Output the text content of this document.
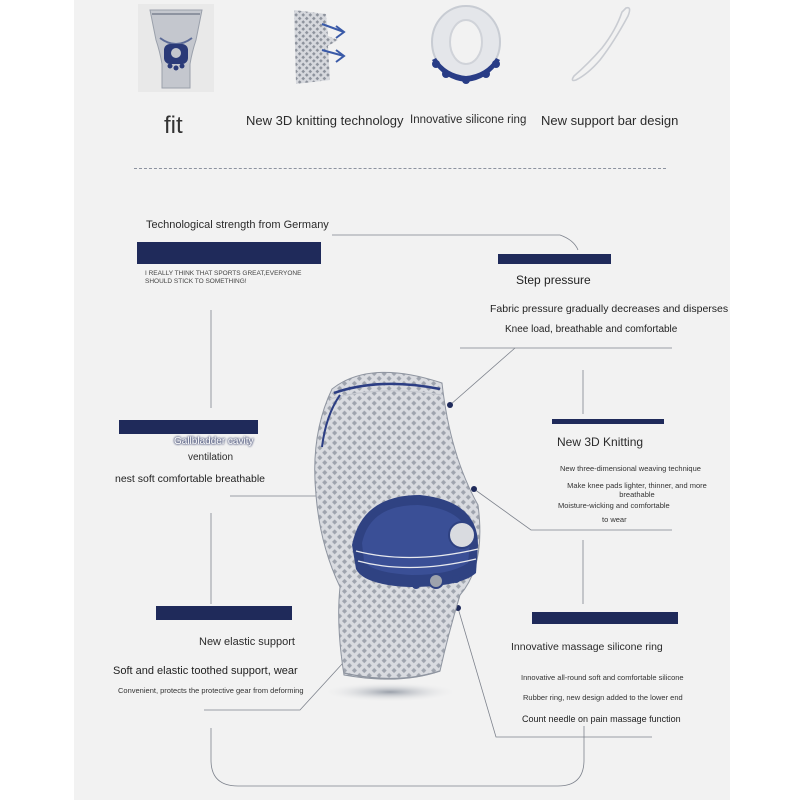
fit	New 3D knitting technology Innovative silicone ring New support bar design
Technological strength from Germany
I REALLY THINK THAT SPORTS GREAT,EVERYONE SHOULD STICK TO SOMETHING!
Gallbladder cavity
ventilation
nest soft comfortable breathable
New elastic support
Soft and elastic toothed support, wear
Convenient, protects the protective gear from deforming
Step pressure
Fabric pressure gradually decreases and disperses
Knee load, breathable and comfortable
New 3D Knitting
New three-dimensional weaving technique
Make knee pads lighter, thinner, and more breathable
Moisture-wicking and comfortable
to wear
Innovative massage silicone ring
Innovative all-round soft and comfortable silicone
Rubber ring, new design added to the lower end
Count needle on pain massage function
